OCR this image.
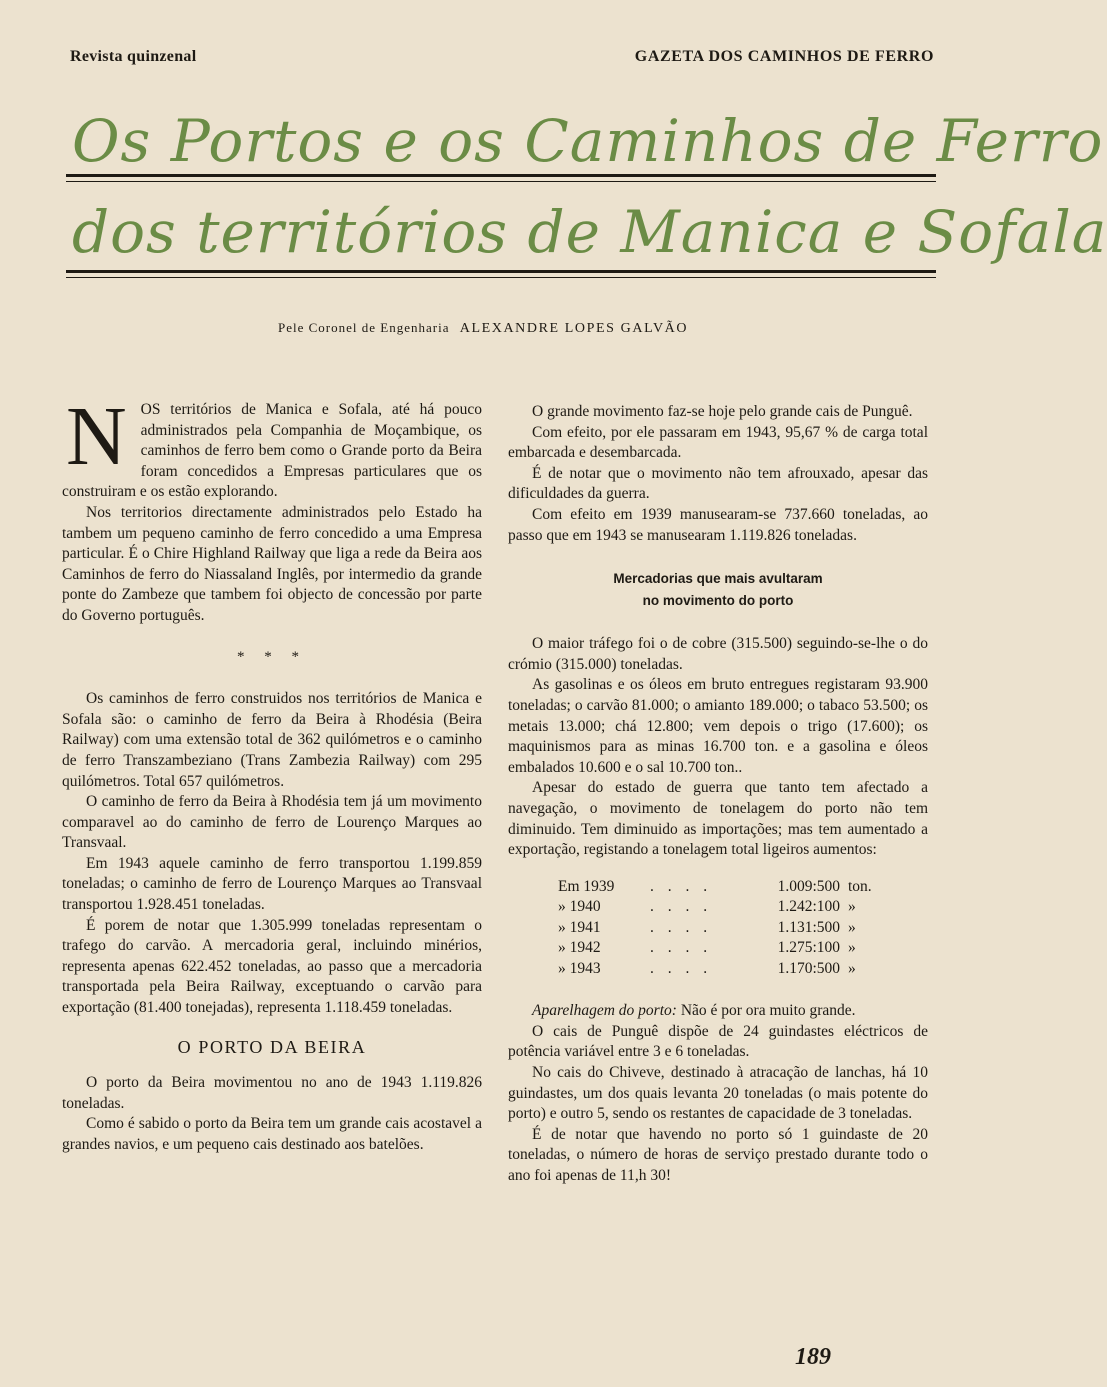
Revista quinzenal	GAZETA DOS CAMINHOS DE FERRO
Os Portos e os Caminhos de Ferro
dos territórios de Manica e Sofala
Pele Coronel de Engenharia ALEXANDRE LOPES GALVÃO

NOS territórios de Manica e Sofala, até há pouco administrados pela Companhia de Moçambique, os caminhos de ferro bem como o Grande porto da Beira foram concedidos a Empresas particulares que os construiram e os estão explorando.

Nos territorios directamente administrados pelo Estado ha tambem um pequeno caminho de ferro concedido a uma Empresa particular. É o Chire Highland Railway que liga a rede da Beira aos Caminhos de ferro do Niassaland Inglês, por intermedio da grande ponte do Zambeze que tambem foi objecto de concessão por parte do Governo português.

* * *

Os caminhos de ferro construidos nos territórios de Manica e Sofala são: o caminho de ferro da Beira à Rhodésia (Beira Railway) com uma extensão total de 362 quilómetros e o caminho de ferro Transzambeziano (Trans Zambezia Railway) com 295 quilómetros. Total 657 quilómetros.

O caminho de ferro da Beira à Rhodésia tem já um movimento comparavel ao do caminho de ferro de Lourenço Marques ao Transvaal.

Em 1943 aquele caminho de ferro transportou 1.199.859 toneladas; o caminho de ferro de Lourenço Marques ao Transvaal transportou 1.928.451 toneladas.

É porem de notar que 1.305.999 toneladas representam o trafego do carvão. A mercadoria geral, incluindo minérios, representa apenas 622.452 toneladas, ao passo que a mercadoria transportada pela Beira Railway, exceptuando o carvão para exportação (81.400 tonejadas), representa 1.118.459 toneladas.

O PORTO DA BEIRA

O porto da Beira movimentou no ano de 1943 1.119.826 toneladas.

Como é sabido o porto da Beira tem um grande cais acostavel a grandes navios, e um pequeno cais destinado aos batelões.

O grande movimento faz-se hoje pelo grande cais de Punguê.

Com efeito, por ele passaram em 1943, 95,67 % de carga total embarcada e desembarcada.

É de notar que o movimento não tem afrouxado, apesar das dificuldades da guerra.

Com efeito em 1939 manusearam-se 737.660 toneladas, ao passo que em 1943 se manusearam 1.119.826 toneladas.

Mercadorias que mais avultaram
no movimento do porto

O maior tráfego foi o de cobre (315.500) seguindo-se-lhe o do crómio (315.000) toneladas.

As gasolinas e os óleos em bruto entregues registaram 93.900 toneladas; o carvão 81.000; o amianto 189.000; o tabaco 53.500; os metais 13.000; chá 12.800; vem depois o trigo (17.600); os maquinismos para as minas 16.700 ton. e a gasolina e óleos embalados 10.600 e o sal 10.700 ton..

Apesar do estado de guerra que tanto tem afectado a navegação, o movimento de tonelagem do porto não tem diminuido. Tem diminuido as importações; mas tem aumentado a exportação, registando a tonelagem total ligeiros aumentos:

Em 1939	. . . .	1.009:500	ton.
» 1940	. . . .	1.242:100	»
» 1941	. . . .	1.131:500	»
» 1942	. . . .	1.275:100	»
» 1943	. . . .	1.170:500	»

Aparelhagem do porto: Não é por ora muito grande.

O cais de Punguê dispõe de 24 guindastes eléctricos de potência variável entre 3 e 6 toneladas.

No cais do Chiveve, destinado à atracação de lanchas, há 10 guindastes, um dos quais levanta 20 toneladas (o mais potente do porto) e outro 5, sendo os restantes de capacidade de 3 toneladas.

É de notar que havendo no porto só 1 guindaste de 20 toneladas, o número de horas de serviço prestado durante todo o ano foi apenas de 11,h 30!

189
